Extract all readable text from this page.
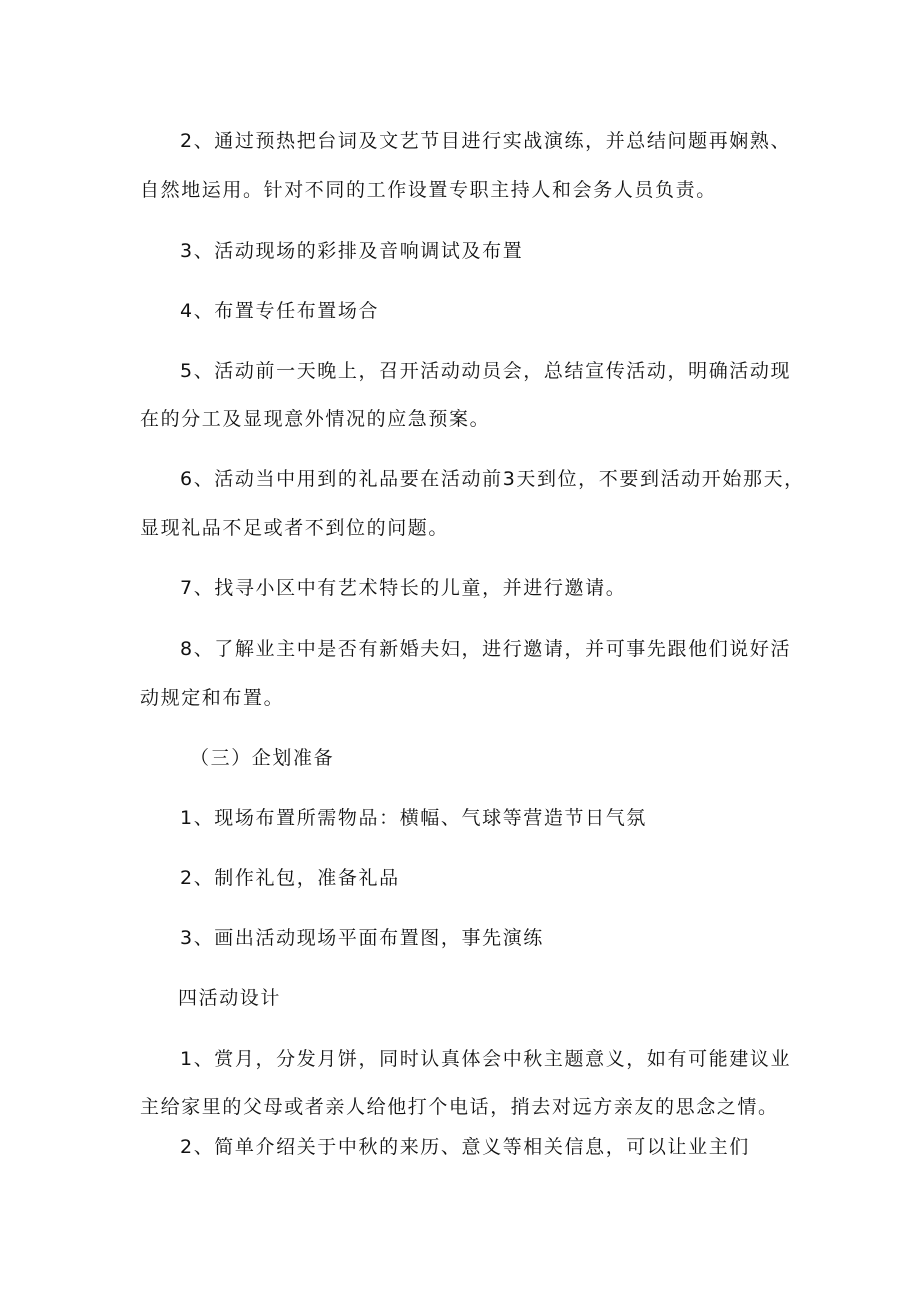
2、通过预热把台词及文艺节目进行实战演练，并总结问题再娴熟、
自然地运用。针对不同的工作设置专职主持人和会务人员负责。
3、活动现场的彩排及音响调试及布置
4、布置专任布置场合
5、活动前一天晚上，召开活动动员会，总结宣传活动，明确活动现
在的分工及显现意外情况的应急预案。
6、活动当中用到的礼品要在活动前3天到位，不要到活动开始那天，
显现礼品不足或者不到位的问题。
7、找寻小区中有艺术特长的儿童，并进行邀请。
8、了解业主中是否有新婚夫妇，进行邀请，并可事先跟他们说好活
动规定和布置。
（三）企划准备
1、现场布置所需物品：横幅、气球等营造节日气氛
2、制作礼包，准备礼品
3、画出活动现场平面布置图，事先演练
四活动设计
1、赏月，分发月饼，同时认真体会中秋主题意义，如有可能建议业
主给家里的父母或者亲人给他打个电话，捎去对远方亲友的思念之情。
2、简单介绍关于中秋的来历、意义等相关信息，可以让业主们
